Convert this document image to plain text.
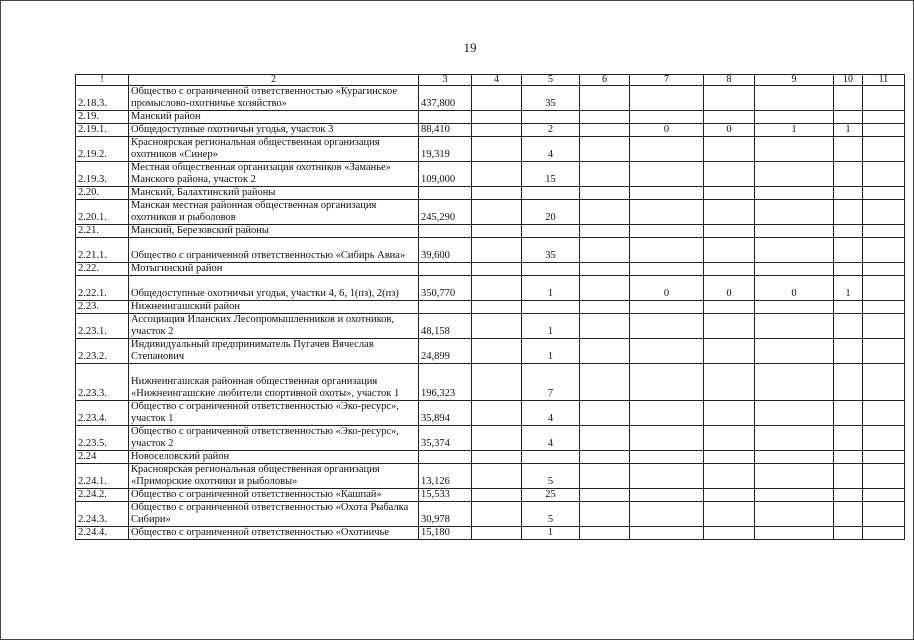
19
!	2	3	4	5	6	7	8	9	10	11
2.18.3.	Общество с ограниченной ответственностью «Курагинское промыслово-охотничье хозяйство»	437,800		35						
2.19.	Манский район									
2.19.1.	Общедоступные охотничьи угодья, участок 3	88,410		2		0	0	1	1	
2.19.2.	Красноярская региональная общественная организация охотников «Синер»	19,319		4						
2.19.3.	Местная общественная организация охотников «Заманье» Манского района, участок 2	109,000		15						
2.20.	Манский, Балахтинский районы									
2.20.1.	Манская местная районная общественная организация охотников и рыболовов	245,290		20						
2.21.	Манский, Березовский районы									
2.21.1.	Общество с ограниченной ответственностью «Сибирь Авиа»	39,600		35						
2.22.	Мотыгинский район									
2.22.1.	Общедоступные охотничьи угодья, участки 4, 6, 1(пз), 2(пз)	350,770		1		0	0	0	1	
2.23.	Нижнеингашский район									
2.23.1.	Ассоциация Иланских Лесопромышленников и охотников, участок 2	48,158		1						
2.23.2.	Индивидуальный предприниматель Пугачев Вячеслав Степанович	24,899		1						
2.23.3.	Нижнеингашская районная общественная организация «Нижнеингашские любители спортивной охоты», участок 1	196,323		7						
2.23.4.	Общество с ограниченной ответственностью «Эко-ресурс», участок 1	35,894		4						
2.23.5.	Общество с ограниченной ответственностью «Эко-ресурс», участок 2	35,374		4						
2.24	Новоселовский район									
2.24.1.	Красноярская региональная общественная организация «Приморские охотники и рыболовы»	13,126		5						
2.24.2.	Общество с ограниченной ответственностью «Кашпай»	15,533		25						
2.24.3.	Общество с ограниченной ответственностью «Охота Рыбалка Сибири»	30,978		5						
2.24.4.	Общество с ограниченной ответственностью «Охотничье	15,180		1						
